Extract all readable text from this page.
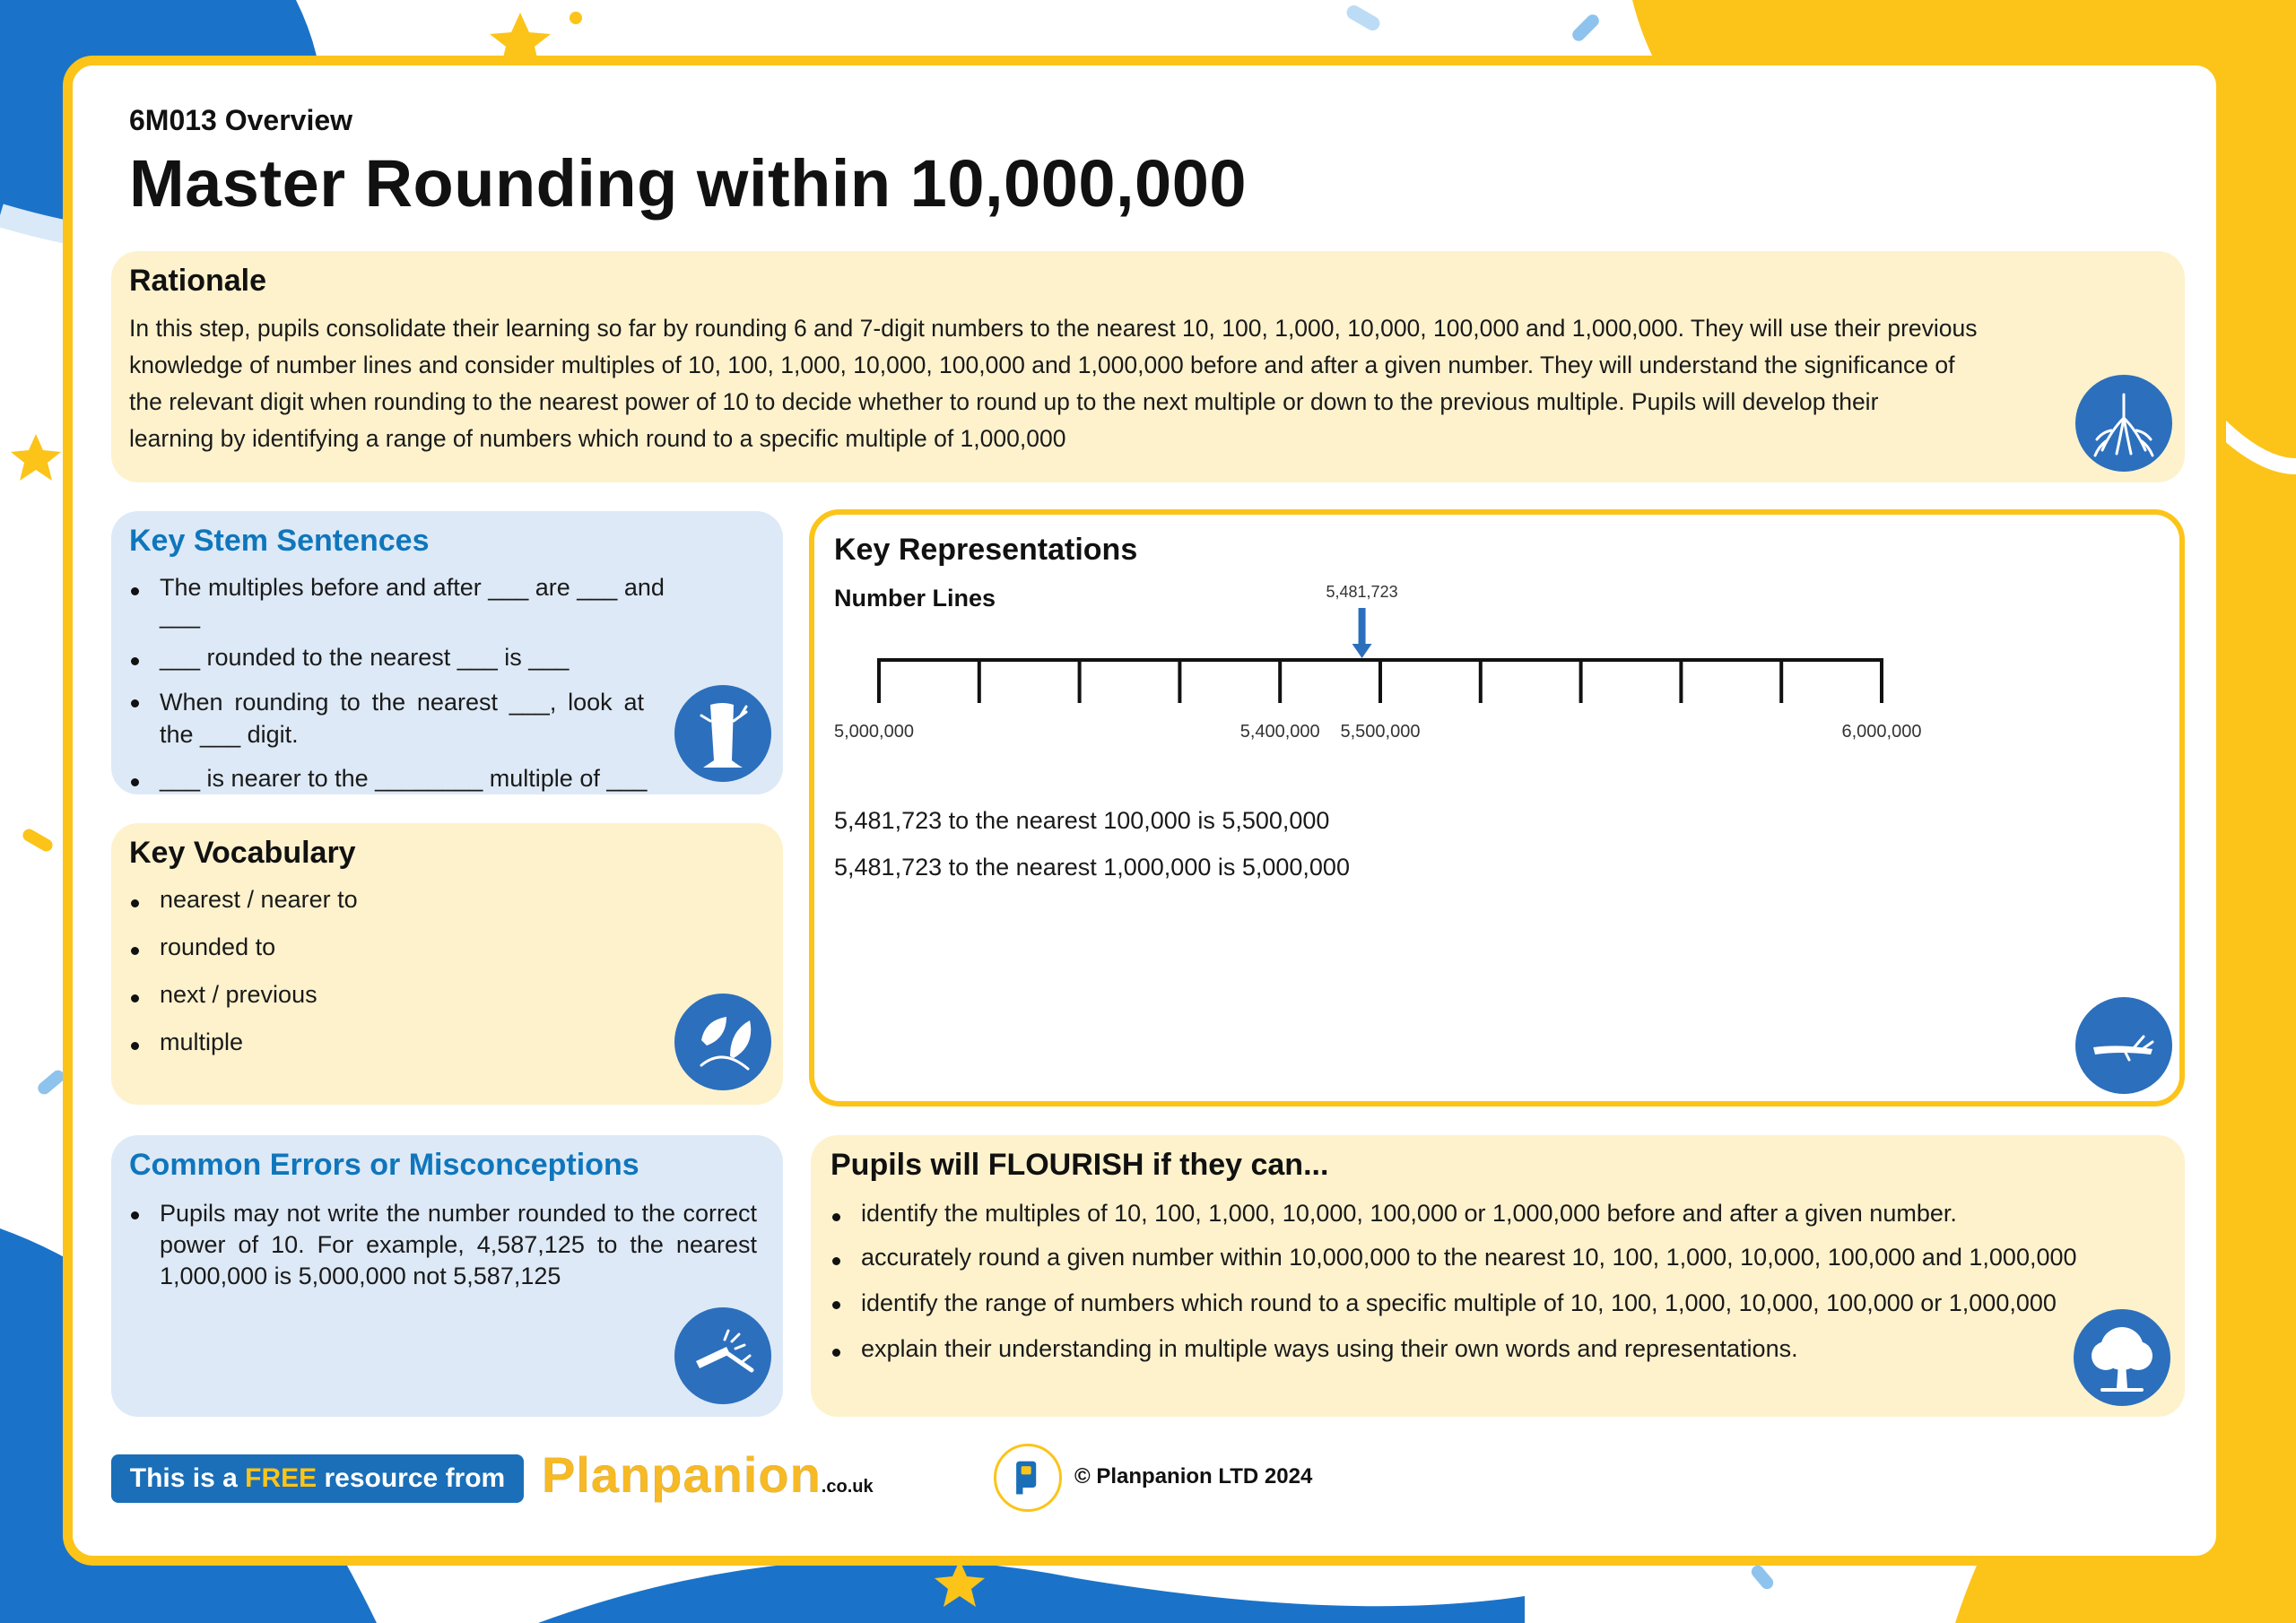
6M013 Overview
Master Rounding within 10,000,000
Rationale
In this step, pupils consolidate their learning so far by rounding 6 and 7-digit numbers to the nearest 10, 100, 1,000, 10,000, 100,000 and 1,000,000. They will use their previous
knowledge of number lines and consider multiples of 10, 100, 1,000, 10,000, 100,000 and 1,000,000 before and after a given number. They will understand the significance of
the relevant digit when rounding to the nearest power of 10 to decide whether to round up to the next multiple or down to the previous multiple. Pupils will develop their
learning by identifying a range of numbers which round to a specific multiple of 1,000,000
Key Stem Sentences
The multiples before and after ___ are ___ and ___
___ rounded to the nearest ___ is ___
When rounding to the nearest ___, look at the ___ digit.
___ is nearer to the ________ multiple of ___
Key Vocabulary
nearest / nearer to
rounded to
next / previous
multiple
Common Errors or Misconceptions
Pupils may not write the number rounded to the correct power of 10. For example, 4,587,125 to the nearest 1,000,000 is 5,000,000 not 5,587,125
Key Representations
Number Lines
5,000,000	5,400,000 5,500,000	6,000,000
5,481,723
5,481,723 to the nearest 100,000 is 5,500,000
5,481,723 to the nearest 1,000,000 is 5,000,000
Pupils will FLOURISH if they can...
identify the multiples of 10, 100, 1,000, 10,000, 100,000 or 1,000,000 before and after a given number.
accurately round a given number within 10,000,000 to the nearest 10, 100, 1,000, 10,000, 100,000 and 1,000,000
identify the range of numbers which round to a specific multiple of 10, 100, 1,000, 10,000, 100,000 or 1,000,000
explain their understanding in multiple ways using their own words and representations.
This is a FREE resource from Planpanion.co.uk	© Planpanion LTD 2024
